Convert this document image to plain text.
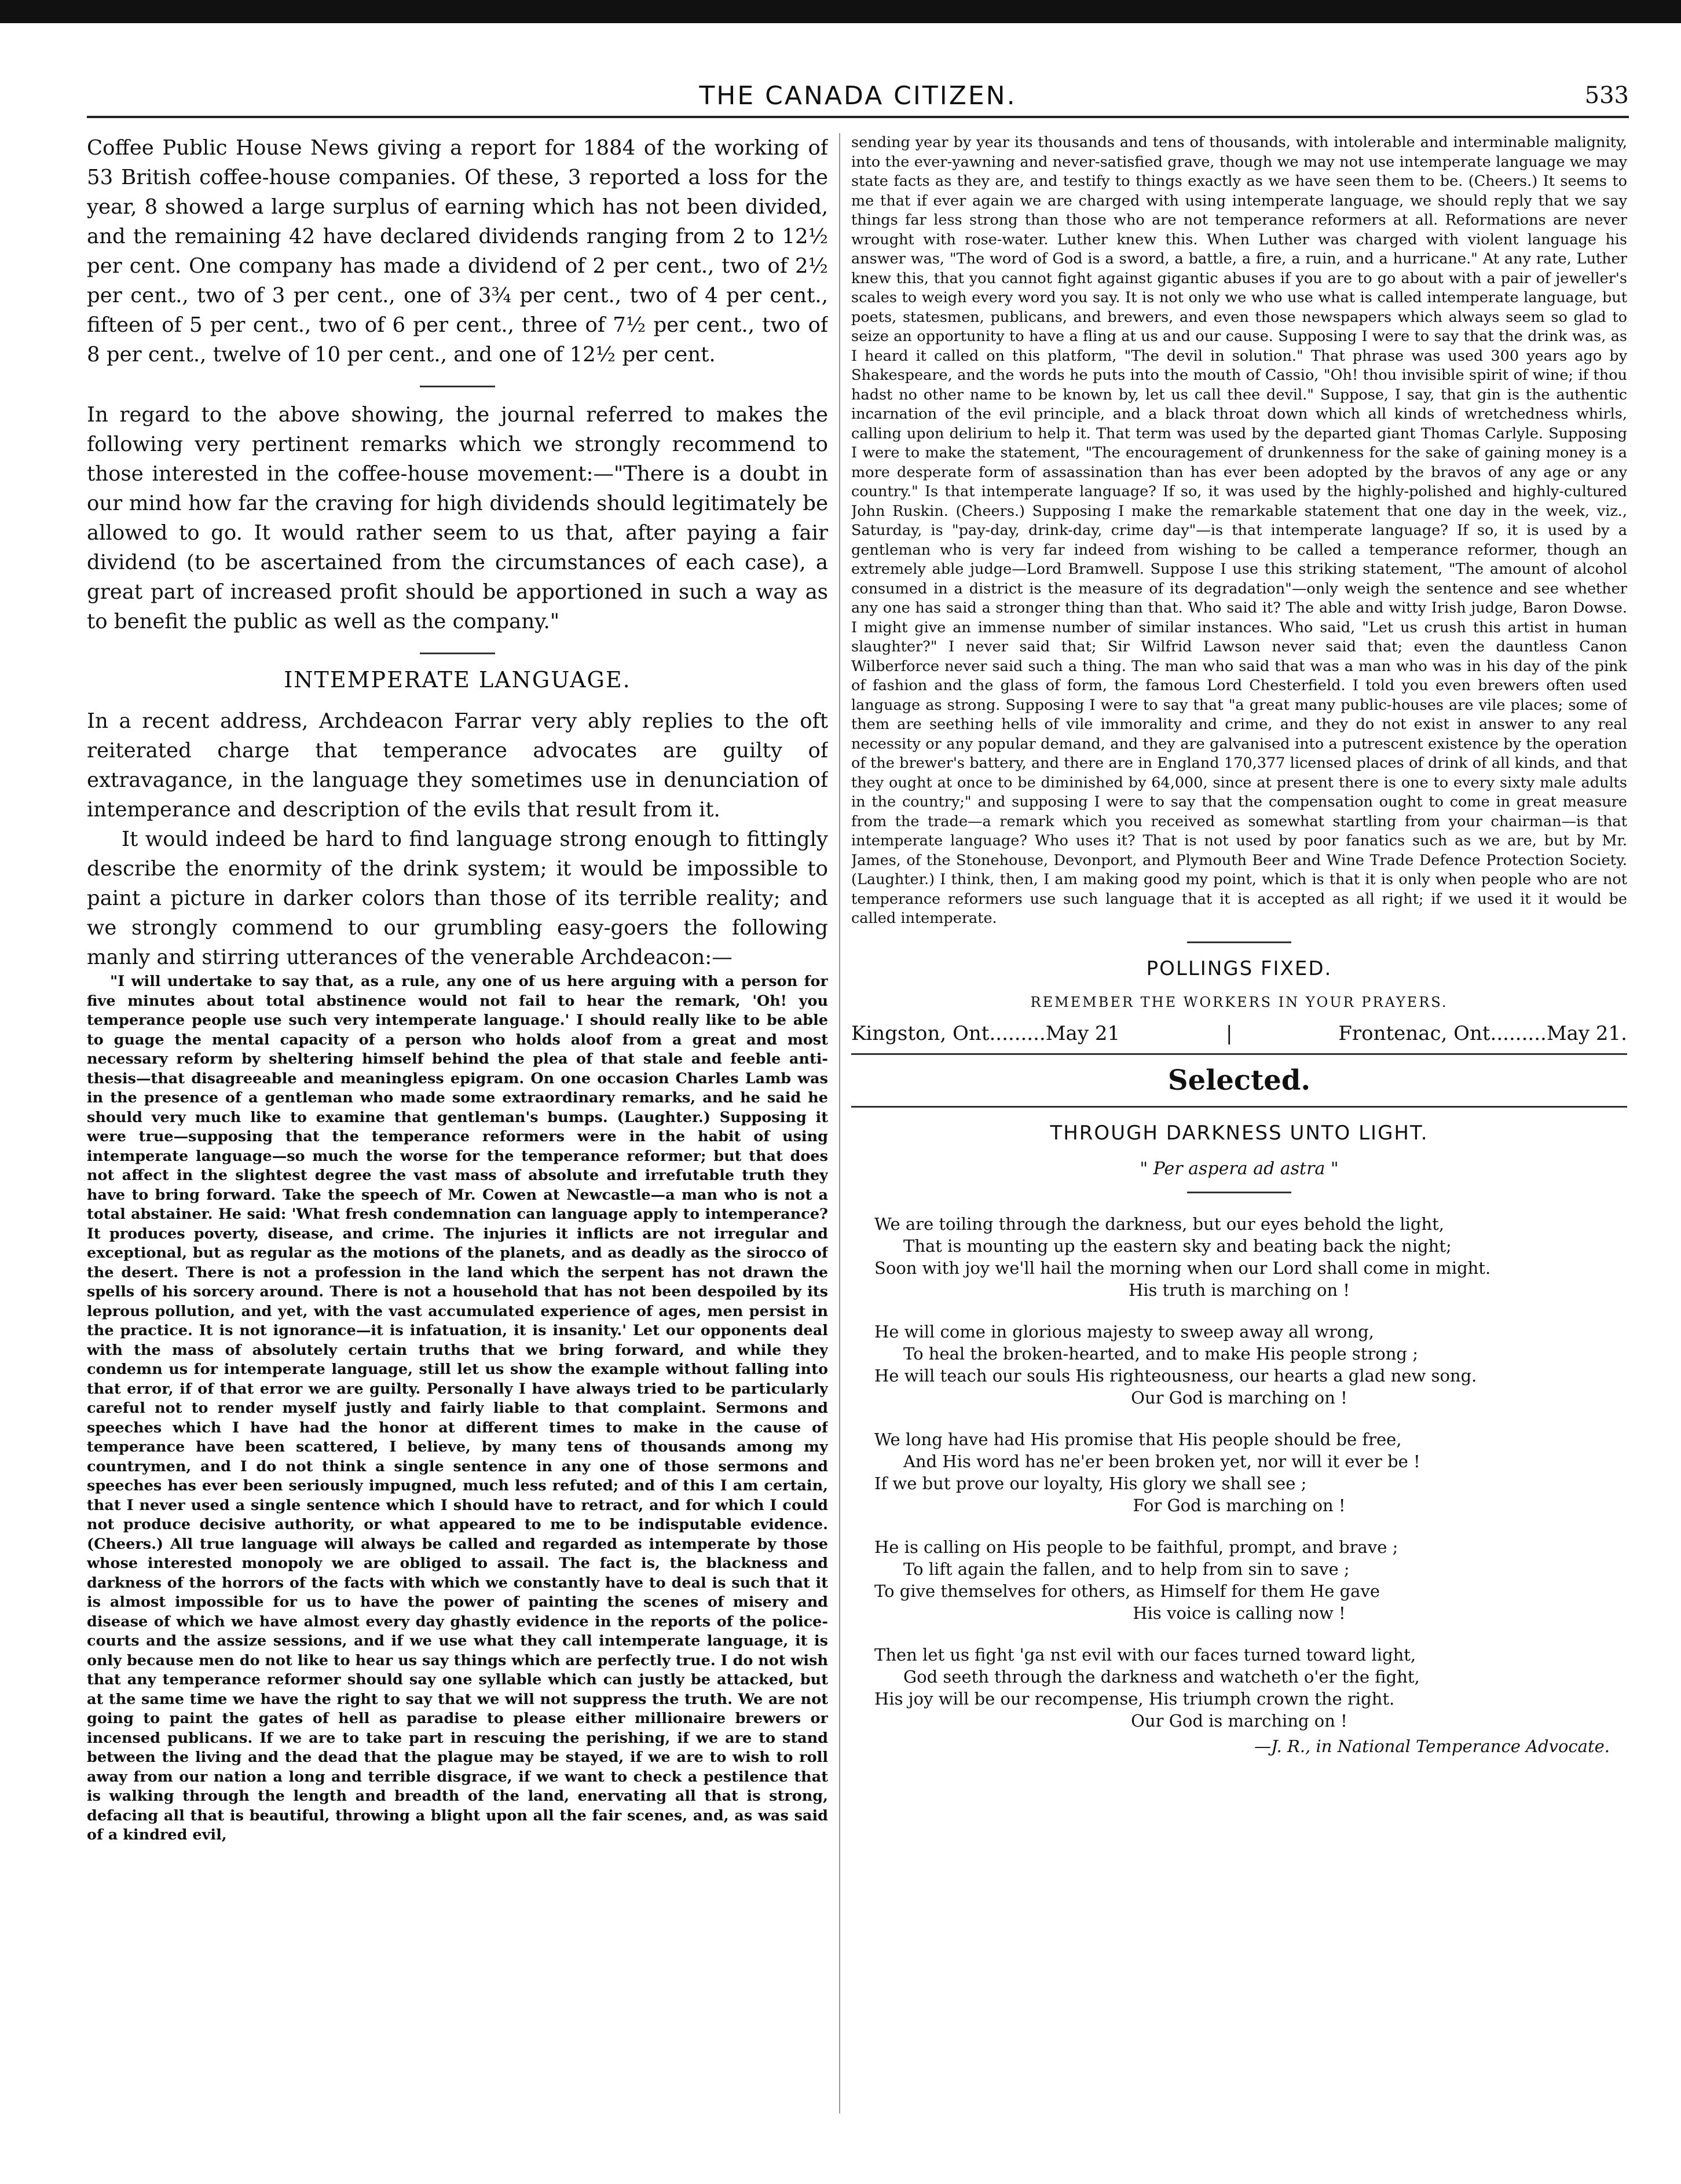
THE CANADA CITIZEN.	533

Coffee Public House News giving a report for 1884 of the working of 53 British coffee-house companies. Of these, 3 reported a loss for the year, 8 showed a large surplus of earning which has not been divided, and the remaining 42 have declared dividends ranging from 2 to 12½ per cent. One company has made a dividend of 2 per cent., two of 2½ per cent., two of 3 per cent., one of 3¾ per cent., two of 4 per cent., fifteen of 5 per cent., two of 6 per cent., three of 7½ per cent., two of 8 per cent., twelve of 10 per cent., and one of 12½ per cent.

In regard to the above showing, the journal referred to makes the following very pertinent remarks which we strongly recommend to those interested in the coffee-house movement:—"There is a doubt in our mind how far the craving for high dividends should legitimately be allowed to go. It would rather seem to us that, after paying a fair dividend (to be ascertained from the circumstances of each case), a great part of increased profit should be apportioned in such a way as to benefit the public as well as the company."

INTEMPERATE LANGUAGE.

In a recent address, Archdeacon Farrar very ably replies to the oft reiterated charge that temperance advocates are guilty of extravagance, in the language they sometimes use in denunciation of intemperance and description of the evils that result from it.

It would indeed be hard to find language strong enough to fittingly describe the enormity of the drink system; it would be impossible to paint a picture in darker colors than those of its terrible reality; and we strongly commend to our grumbling easy-goers the following manly and stirring utterances of the venerable Archdeacon:—

"I will undertake to say that, as a rule, any one of us here arguing with a person for five minutes about total abstinence would not fail to hear the remark, 'Oh! you temperance people use such very intemperate language.' I should really like to be able to guage the mental capacity of a person who holds aloof from a great and most necessary reform by sheltering himself behind the plea of that stale and feeble anti-thesis—that disagreeable and meaningless epigram. On one occasion Charles Lamb was in the presence of a gentleman who made some extraordinary remarks, and he said he should very much like to examine that gentleman's bumps. (Laughter.) Supposing it were true—supposing that the temperance reformers were in the habit of using intemperate language—so much the worse for the temperance reformer; but that does not affect in the slightest degree the vast mass of absolute and irrefutable truth they have to bring forward. Take the speech of Mr. Cowen at Newcastle—a man who is not a total abstainer. He said: 'What fresh condemnation can language apply to intemperance? It produces poverty, disease, and crime. The injuries it inflicts are not irregular and exceptional, but as regular as the motions of the planets, and as deadly as the sirocco of the desert. There is not a profession in the land which the serpent has not drawn the spells of his sorcery around. There is not a household that has not been despoiled by its leprous pollution, and yet, with the vast accumulated experience of ages, men persist in the practice. It is not ignorance—it is infatuation, it is insanity.' Let our opponents deal with the mass of absolutely certain truths that we bring forward, and while they condemn us for intemperate language, still let us show the example without falling into that error, if of that error we are guilty. Personally I have always tried to be particularly careful not to render myself justly and fairly liable to that complaint. Sermons and speeches which I have had the honor at different times to make in the cause of temperance have been scattered, I believe, by many tens of thousands among my countrymen, and I do not think a single sentence in any one of those sermons and speeches has ever been seriously impugned, much less refuted; and of this I am certain, that I never used a single sentence which I should have to retract, and for which I could not produce decisive authority, or what appeared to me to be indisputable evidence. (Cheers.) All true language will always be called and regarded as intemperate by those whose interested monopoly we are obliged to assail. The fact is, the blackness and darkness of the horrors of the facts with which we constantly have to deal is such that it is almost impossible for us to have the power of painting the scenes of misery and disease of which we have almost every day ghastly evidence in the reports of the police-courts and the assize sessions, and if we use what they call intemperate language, it is only because men do not like to hear us say things which are perfectly true. I do not wish that any temperance reformer should say one syllable which can justly be attacked, but at the same time we have the right to say that we will not suppress the truth. We are not going to paint the gates of hell as paradise to please either millionaire brewers or incensed publicans. If we are to take part in rescuing the perishing, if we are to stand between the living and the dead that the plague may be stayed, if we are to wish to roll away from our nation a long and terrible disgrace, if we want to check a pestilence that is walking through the length and breadth of the land, enervating all that is strong, defacing all that is beautiful, throwing a blight upon all the fair scenes, and, as was said of a kindred evil,

sending year by year its thousands and tens of thousands, with intolerable and interminable malignity, into the ever-yawning and never-satisfied grave, though we may not use intemperate language we may state facts as they are, and testify to things exactly as we have seen them to be. (Cheers.) It seems to me that if ever again we are charged with using intemperate language, we should reply that we say things far less strong than those who are not temperance reformers at all. Reformations are never wrought with rose-water. Luther knew this. When Luther was charged with violent language his answer was, "The word of God is a sword, a battle, a fire, a ruin, and a hurricane." At any rate, Luther knew this, that you cannot fight against gigantic abuses if you are to go about with a pair of jeweller's scales to weigh every word you say. It is not only we who use what is called intemperate language, but poets, statesmen, publicans, and brewers, and even those newspapers which always seem so glad to seize an opportunity to have a fling at us and our cause. Supposing I were to say that the drink was, as I heard it called on this platform, "The devil in solution." That phrase was used 300 years ago by Shakespeare, and the words he puts into the mouth of Cassio, "Oh! thou invisible spirit of wine; if thou hadst no other name to be known by, let us call thee devil." Suppose, I say, that gin is the authentic incarnation of the evil principle, and a black throat down which all kinds of wretchedness whirls, calling upon delirium to help it. That term was used by the departed giant Thomas Carlyle. Supposing I were to make the statement, "The encouragement of drunkenness for the sake of gaining money is a more desperate form of assassination than has ever been adopted by the bravos of any age or any country." Is that intemperate language? If so, it was used by the highly-polished and highly-cultured John Ruskin. (Cheers.) Supposing I make the remarkable statement that one day in the week, viz., Saturday, is "pay-day, drink-day, crime day"—is that intemperate language? If so, it is used by a gentleman who is very far indeed from wishing to be called a temperance reformer, though an extremely able judge—Lord Bramwell. Suppose I use this striking statement, "The amount of alcohol consumed in a district is the measure of its degradation"—only weigh the sentence and see whether any one has said a stronger thing than that. Who said it? The able and witty Irish judge, Baron Dowse. I might give an immense number of similar instances. Who said, "Let us crush this artist in human slaughter?" I never said that; Sir Wilfrid Lawson never said that; even the dauntless Canon Wilberforce never said such a thing. The man who said that was a man who was in his day of the pink of fashion and the glass of form, the famous Lord Chesterfield. I told you even brewers often used language as strong. Supposing I were to say that "a great many public-houses are vile places; some of them are seething hells of vile immorality and crime, and they do not exist in answer to any real necessity or any popular demand, and they are galvanised into a putrescent existence by the operation of the brewer's battery, and there are in England 170,377 licensed places of drink of all kinds, and that they ought at once to be diminished by 64,000, since at present there is one to every sixty male adults in the country;" and supposing I were to say that the compensation ought to come in great measure from the trade—a remark which you received as somewhat startling from your chairman—is that intemperate language? Who uses it? That is not used by poor fanatics such as we are, but by Mr. James, of the Stonehouse, Devonport, and Plymouth Beer and Wine Trade Defence Protection Society. (Laughter.) I think, then, I am making good my point, which is that it is only when people who are not temperance reformers use such language that it is accepted as all right; if we used it it would be called intemperate.

POLLINGS FIXED.
REMEMBER THE WORKERS IN YOUR PRAYERS.
Kingston, Ont.........May 21	|	Frontenac, Ont.........May 21.
Selected.
THROUGH DARKNESS UNTO LIGHT.
" Per aspera ad astra "
We are toiling through the darkness, but our eyes behold the light,
That is mounting up the eastern sky and beating back the night;
Soon with joy we'll hail the morning when our Lord shall come in might.
His truth is marching on !
He will come in glorious majesty to sweep away all wrong,
To heal the broken-hearted, and to make His people strong ;
He will teach our souls His righteousness, our hearts a glad new song.
Our God is marching on !
We long have had His promise that His people should be free,
And His word has ne'er been broken yet, nor will it ever be !
If we but prove our loyalty, His glory we shall see ;
For God is marching on !
He is calling on His people to be faithful, prompt, and brave ;
To lift again the fallen, and to help from sin to save ;
To give themselves for others, as Himself for them He gave
His voice is calling now !
Then let us fight 'ga nst evil with our faces turned toward light,
God seeth through the darkness and watcheth o'er the fight,
His joy will be our recompense, His triumph crown the right.
Our God is marching on !
—J. R., in National Temperance Advocate.
